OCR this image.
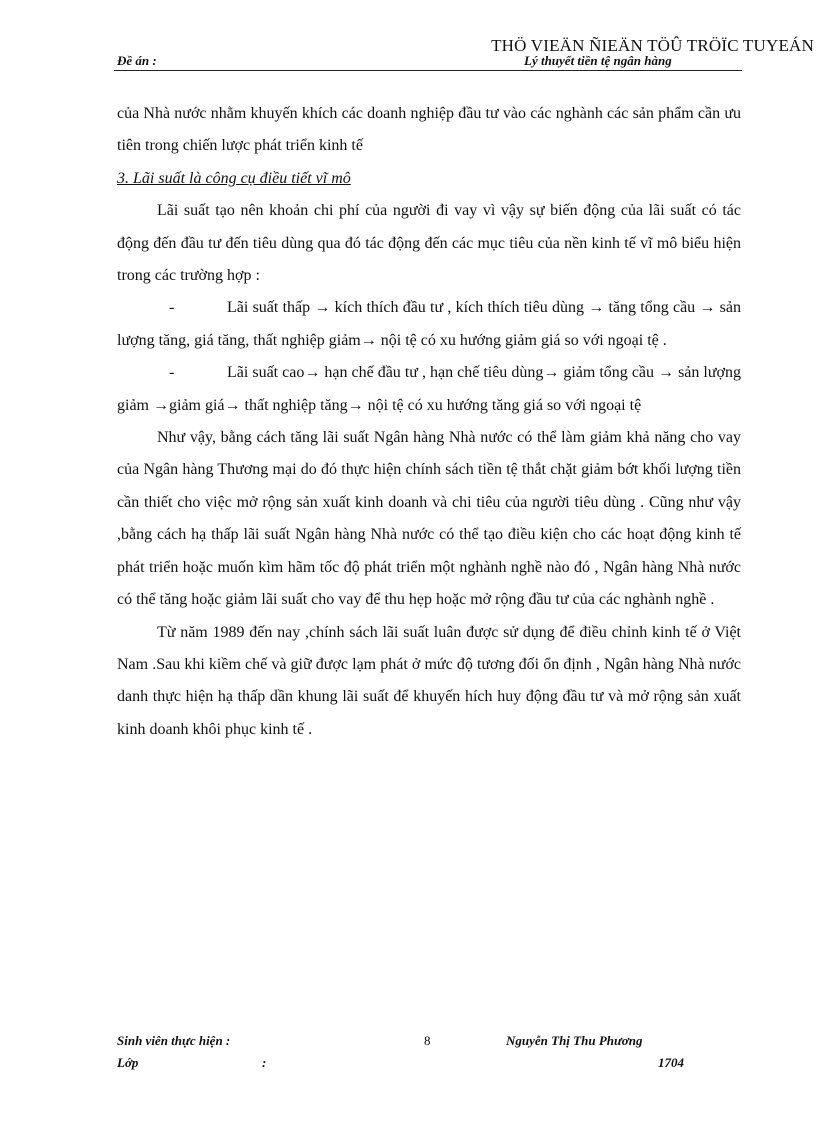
THÖ VIEÄN ÑIEÄN TÖÛ TRÖÏC TUYEÁN
Đề án :	Lý thuyết tiền tệ ngân hàng

của Nhà nước nhằm khuyến khích các doanh nghiệp đầu tư vào các nghành các sản phẩm cần ưu tiên trong chiến lược phát triển kinh tế

3. Lãi suất là công cụ điều tiết vĩ mô

Lãi suất tạo nên khoản chi phí của người đi vay vì vậy sự biến động của lãi suất có tác động đến đầu tư đến tiêu dùng qua đó tác động đến các mục tiêu của nền kinh tế vĩ mô biểu hiện trong các trường hợp :

-	Lãi suất thấp → kích thích đầu tư , kích thích tiêu dùng → tăng tổng cầu → sản lượng tăng, giá tăng, thất nghiệp giảm→ nội tệ có xu hướng giảm giá so với ngoại tệ .

-	Lãi suất cao→ hạn chế đầu tư , hạn chế tiêu dùng→ giảm tổng cầu → sản lượng giảm →giảm giá→ thất nghiệp tăng→ nội tệ có xu hướng tăng giá so với ngoại tệ

Như vậy, bằng cách tăng lãi suất Ngân hàng Nhà nước có thể làm giảm khả năng cho vay của Ngân hàng Thương mại do đó thực hiện chính sách tiền tệ thắt chặt giảm bớt khối lượng tiền cần thiết cho việc mở rộng sản xuất kinh doanh và chi tiêu của người tiêu dùng . Cũng như vậy ,bằng cách hạ thấp lãi suất Ngân hàng Nhà nước có thể tạo điều kiện cho các hoạt động kinh tế phát triển hoặc muốn kìm hãm tốc độ phát triển một nghành nghề nào đó , Ngân hàng Nhà nước có thể tăng hoặc giảm lãi suất cho vay để thu hẹp hoặc mở rộng đầu tư của các nghành nghề .

Từ năm 1989 đến nay ,chính sách lãi suất luân được sử dụng để điều chỉnh kinh tế ở Việt Nam .Sau khi kiềm chế và giữ được lạm phát ở mức độ tương đối ổn định , Ngân hàng Nhà nước danh thực hiện hạ thấp dần khung lãi suất để khuyến hích huy động đầu tư và mở rộng sản xuất kinh doanh khôi phục kinh tế .

Sinh viên thực hiện :
Lớp	:
8	Nguyễn Thị Thu Phương
1704
